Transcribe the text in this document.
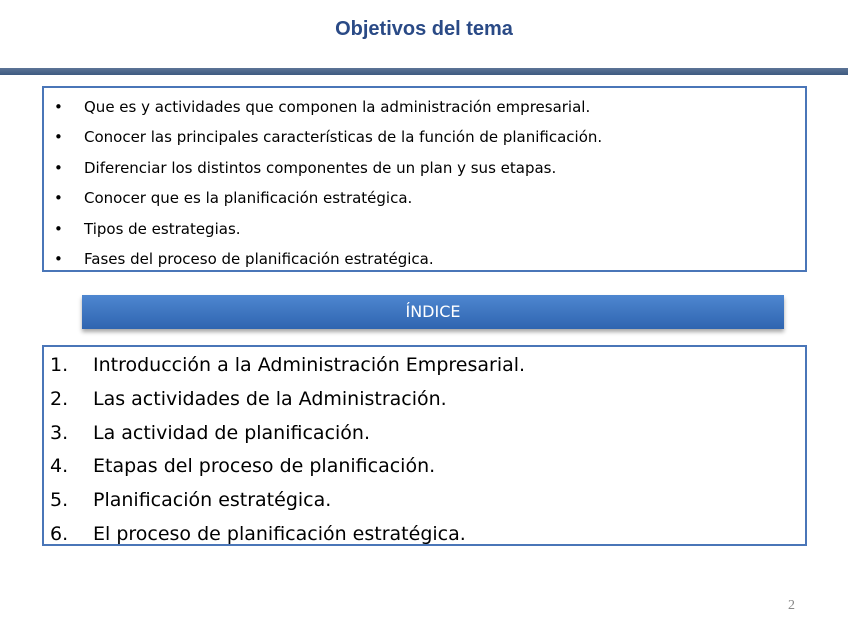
Objetivos del tema
• Que es y actividades que componen la administración empresarial.
• Conocer las principales características de la función de planificación.
• Diferenciar los distintos componentes de un plan y sus etapas.
• Conocer que es la planificación estratégica.
• Tipos de estrategias.
• Fases del proceso de planificación estratégica.
ÍNDICE
1. Introducción a la Administración Empresarial.
2. Las actividades de la Administración.
3. La actividad de planificación.
4. Etapas del proceso de planificación.
5. Planificación estratégica.
6. El proceso de planificación estratégica.
2
